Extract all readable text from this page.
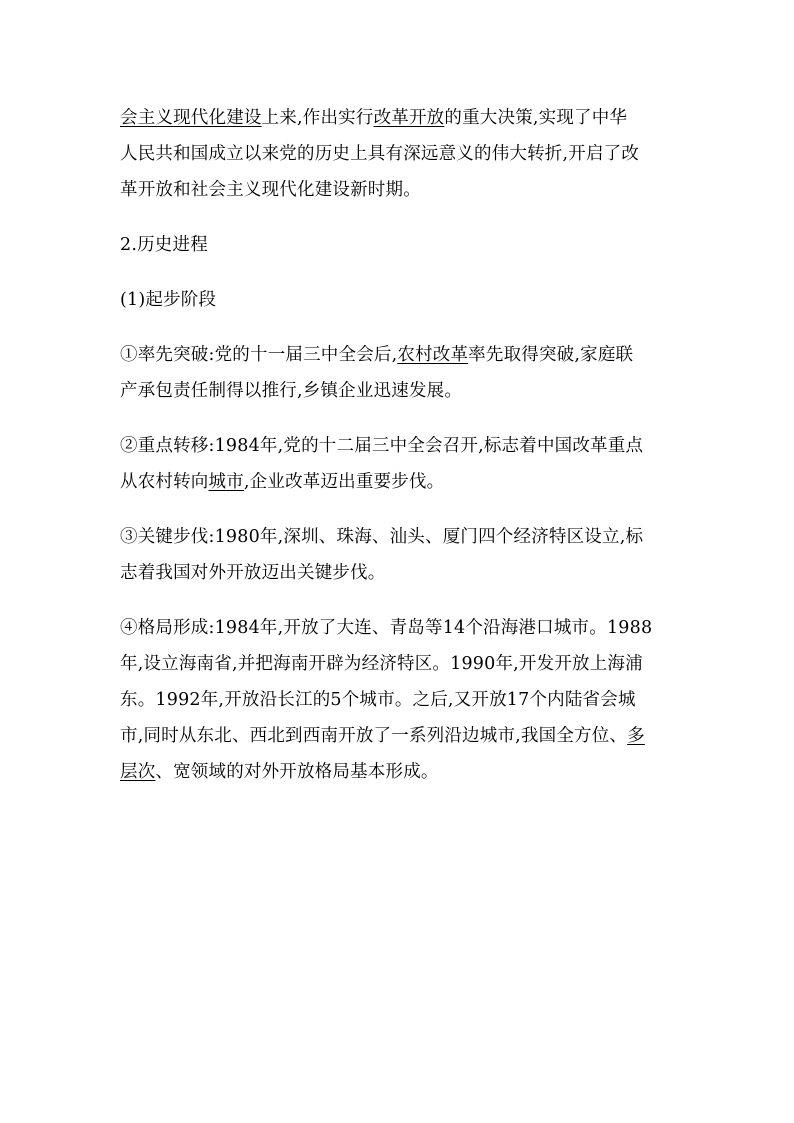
会主义现代化建设上来,作出实行改革开放的重大决策,实现了中华
人民共和国成立以来党的历史上具有深远意义的伟大转折,开启了改
革开放和社会主义现代化建设新时期。
2.历史进程
(1)起步阶段
①率先突破:党的十一届三中全会后,农村改革率先取得突破,家庭联
产承包责任制得以推行,乡镇企业迅速发展。
②重点转移:1984年,党的十二届三中全会召开,标志着中国改革重点
从农村转向城市,企业改革迈出重要步伐。
③关键步伐:1980年,深圳、珠海、汕头、厦门四个经济特区设立,标
志着我国对外开放迈出关键步伐。
④格局形成:1984年,开放了大连、青岛等14个沿海港口城市。1988
年,设立海南省,并把海南开辟为经济特区。1990年,开发开放上海浦
东。1992年,开放沿长江的5个城市。之后,又开放17个内陆省会城
市,同时从东北、西北到西南开放了一系列沿边城市,我国全方位、多
层次、宽领域的对外开放格局基本形成。
